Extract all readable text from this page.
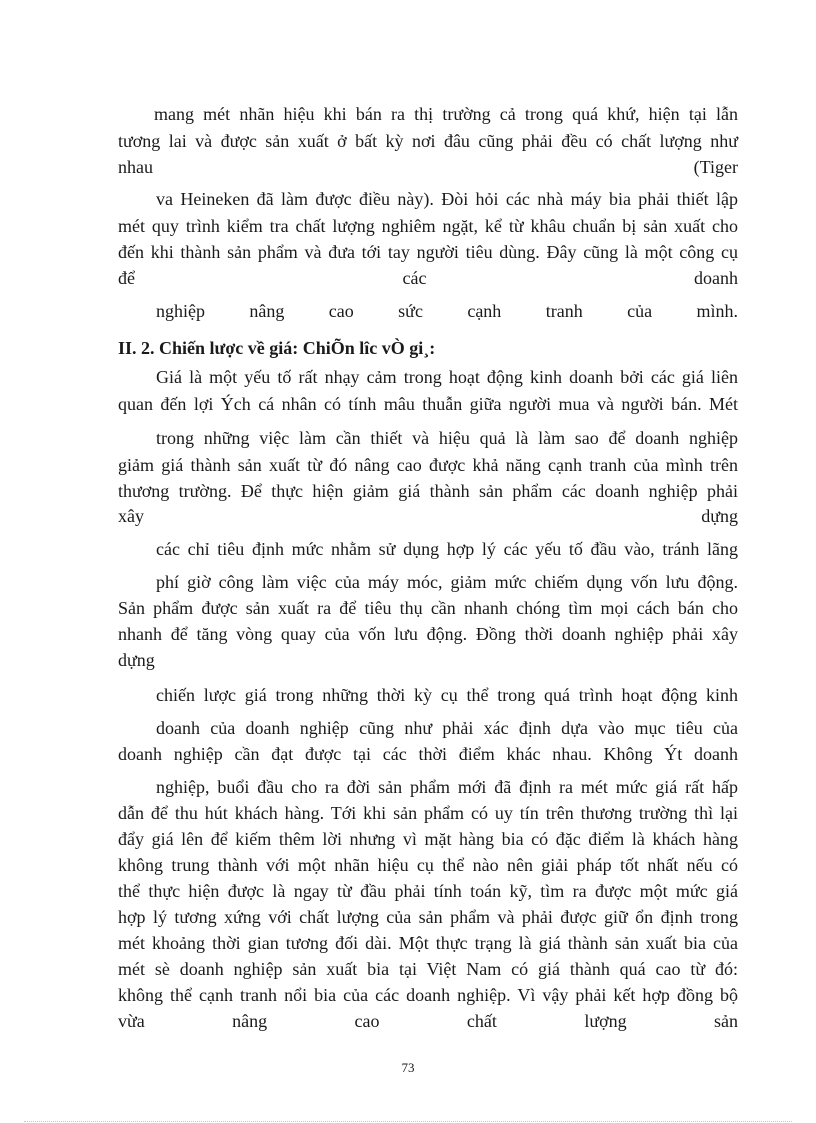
mang mét nhãn hiệu khi bán ra thị trường cả trong quá khứ, hiện tại lẫn
tương lai và được sản xuất ở bất kỳ nơi đâu cũng phải đều có chất lượng như
nhau (Tiger
va Heineken đã làm được điều này). Đòi hỏi các nhà máy bia phải thiết lập
mét quy trình kiểm tra chất lượng nghiêm ngặt, kể từ khâu chuẩn bị sản xuất cho
đến khi thành sản phẩm và đưa tới tay người tiêu dùng. Đây cũng là một công cụ
để các doanh
nghiệp nâng cao sức cạnh tranh của mình.
II. 2. Chiến lược về giá: ChiÕn lîc vÒ gi¸:
Giá là một yếu tố rất nhạy cảm trong hoạt động kinh doanh bởi các giá liên
quan đến lợi Ých cá nhân có tính mâu thuẫn giữa người mua và người bán. Mét
trong những việc làm cần thiết và hiệu quả là làm sao để doanh nghiệp
giảm giá thành sản xuất từ đó nâng cao được khả năng cạnh tranh của mình trên
thương trường. Để thực hiện giảm giá thành sản phẩm các doanh nghiệp phải
xây dựng
các chỉ tiêu định mức nhằm sử dụng hợp lý các yếu tố đầu vào, tránh lãng
phí giờ công làm việc của máy móc, giảm mức chiếm dụng vốn lưu động.
Sản phẩm được sản xuất ra để tiêu thụ cần nhanh chóng tìm mọi cách bán cho
nhanh để tăng vòng quay của vốn lưu động. Đồng thời doanh nghiệp phải xây
dựng
chiến lược giá trong những thời kỳ cụ thể trong quá trình hoạt động kinh
doanh của doanh nghiệp cũng như phải xác định dựa vào mục tiêu của
doanh nghiệp cần đạt được tại các thời điểm khác nhau. Không Ýt doanh
nghiệp, buổi đầu cho ra đời sản phẩm mới đã định ra mét mức giá rất hấp
dẫn để thu hút khách hàng. Tới khi sản phẩm có uy tín trên thương trường thì lại
đẩy giá lên để kiếm thêm lời nhưng vì mặt hàng bia có đặc điểm là khách hàng
không trung thành với một nhãn hiệu cụ thể nào nên giải pháp tốt nhất nếu có
thể thực hiện được là ngay từ đầu phải tính toán kỹ, tìm ra được một mức giá
hợp lý tương xứng với chất lượng của sản phẩm và phải được giữ ổn định trong
mét khoảng thời gian tương đối dài. Một thực trạng là giá thành sản xuất bia của
mét sè doanh nghiệp sản xuất bia tại Việt Nam có giá thành quá cao từ đó:
không thể cạnh tranh nổi bia của các doanh nghiệp. Vì vậy phải kết hợp đồng bộ
vừa nâng cao chất lượng sản
73
